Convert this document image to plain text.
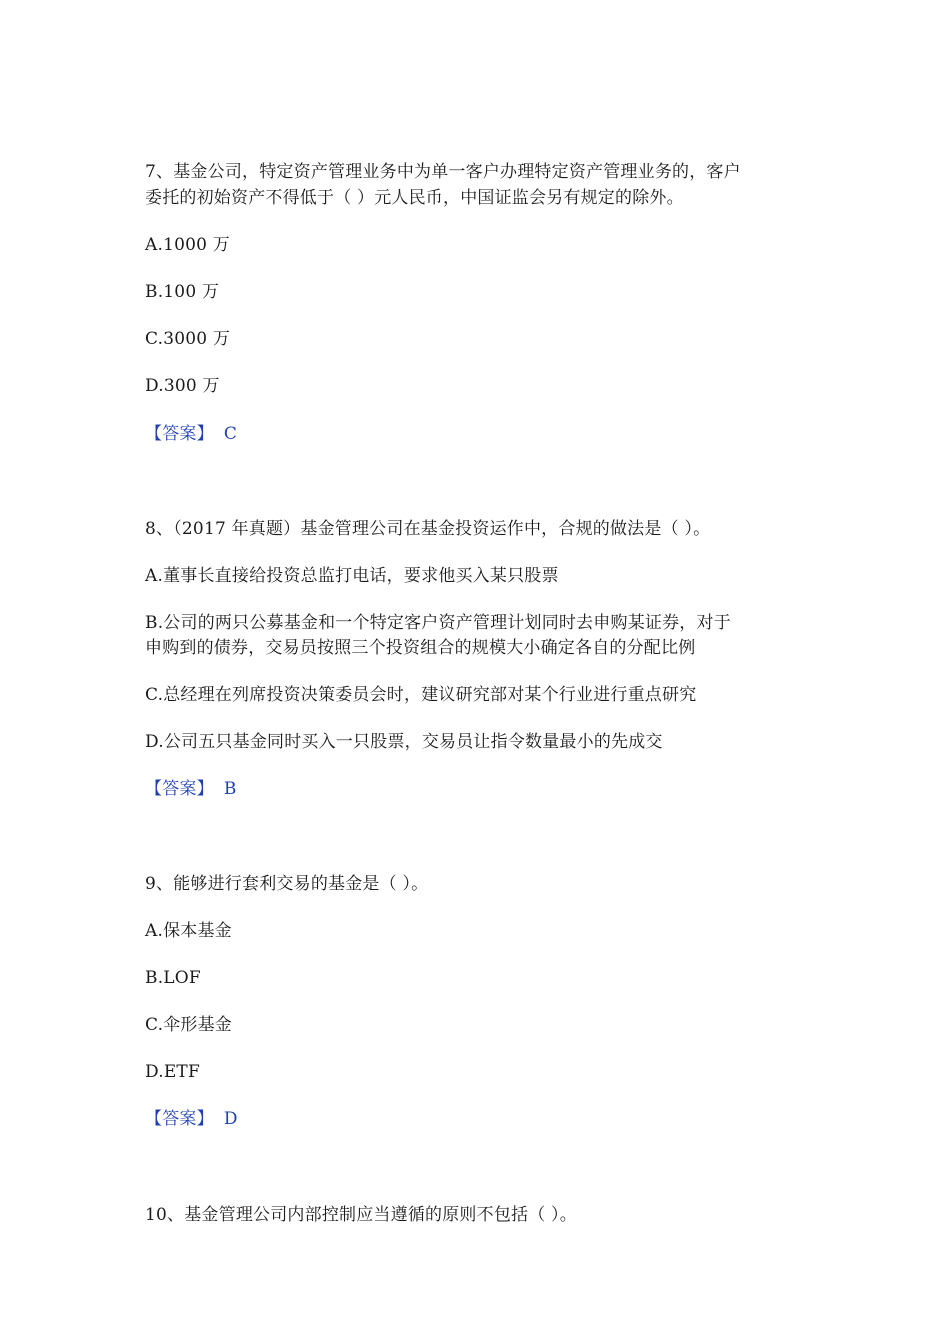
7、基金公司，特定资产管理业务中为单一客户办理特定资产管理业务的，客户
委托的初始资产不得低于（ ）元人民币，中国证监会另有规定的除外。
A.1000 万
B.100 万
C.3000 万
D.300 万
【答案】 C
8、（2017 年真题）基金管理公司在基金投资运作中，合规的做法是（ ）。
A.董事长直接给投资总监打电话，要求他买入某只股票
B.公司的两只公募基金和一个特定客户资产管理计划同时去申购某证券，对于
申购到的债券，交易员按照三个投资组合的规模大小确定各自的分配比例
C.总经理在列席投资决策委员会时，建议研究部对某个行业进行重点研究
D.公司五只基金同时买入一只股票，交易员让指令数量最小的先成交
【答案】 B
9、能够进行套利交易的基金是（ ）。
A.保本基金
B.LOF
C.伞形基金
D.ETF
【答案】 D
10、基金管理公司内部控制应当遵循的原则不包括（ ）。
